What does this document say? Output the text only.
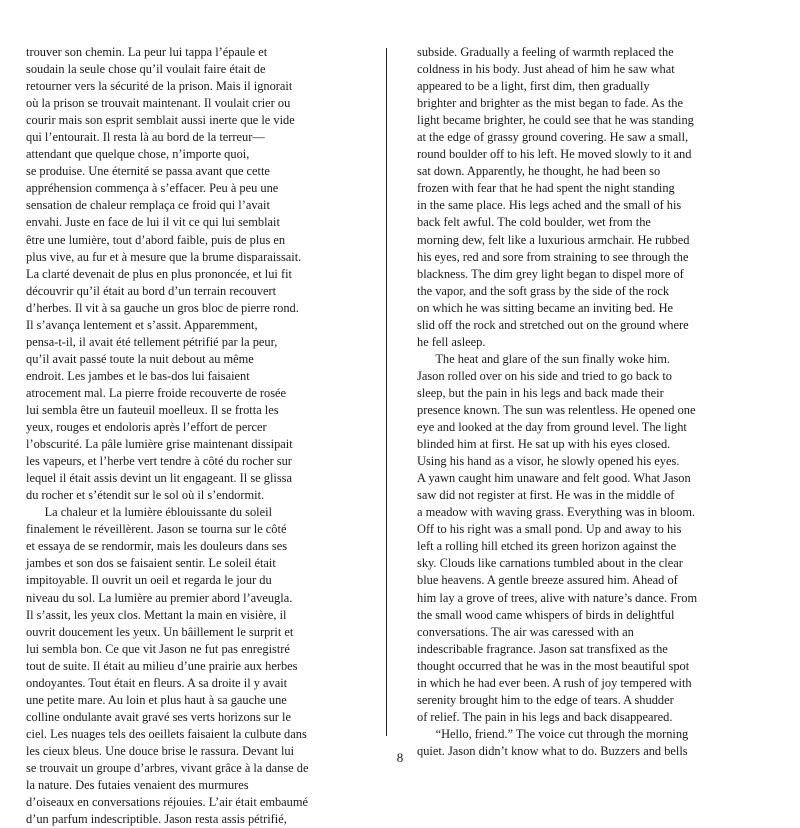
trouver son chemin. La peur lui tappa l’épaule et
soudain la seule chose qu’il voulait faire était de
retourner vers la sécurité de la prison. Mais il ignorait
où la prison se trouvait maintenant. Il voulait crier ou
courir mais son esprit semblait aussi inerte que le vide
qui l’entourait. Il resta là au bord de la terreur—
attendant que quelque chose, n’importe quoi,
se produise. Une éternité se passa avant que cette
appréhension commença à s’effacer. Peu à peu une
sensation de chaleur remplaça ce froid qui l’avait
envahi. Juste en face de lui il vit ce qui lui semblait
être une lumière, tout d’abord faible, puis de plus en
plus vive, au fur et à mesure que la brume disparaissait.
La clarté devenait de plus en plus prononcée, et lui fit
découvrir qu’il était au bord d’un terrain recouvert
d’herbes. Il vit à sa gauche un gros bloc de pierre rond.
Il s’avança lentement et s’assit. Apparemment,
pensa-t-il, il avait été tellement pétrifié par la peur,
qu’il avait passé toute la nuit debout au même
endroit. Les jambes et le bas-dos lui faisaient
atrocement mal. La pierre froide recouverte de rosée
lui sembla être un fauteuil moelleux. Il se frotta les
yeux, rouges et endoloris après l’effort de percer
l’obscurité. La pâle lumière grise maintenant dissipait
les vapeurs, et l’herbe vert tendre à côté du rocher sur
lequel il était assis devint un lit engageant. Il se glissa
du rocher et s’étendit sur le sol où il s’endormit.
La chaleur et la lumière éblouissante du soleil
finalement le réveillèrent. Jason se tourna sur le côté
et essaya de se rendormir, mais les douleurs dans ses
jambes et son dos se faisaient sentir. Le soleil était
impitoyable. Il ouvrit un oeil et regarda le jour du
niveau du sol. La lumière au premier abord l’aveugla.
Il s’assit, les yeux clos. Mettant la main en visière, il
ouvrit doucement les yeux. Un bâillement le surprit et
lui sembla bon. Ce que vit Jason ne fut pas enregistré
tout de suite. Il était au milieu d’une prairie aux herbes
ondoyantes. Tout était en fleurs. A sa droite il y avait
une petite mare. Au loin et plus haut à sa gauche une
colline ondulante avait gravé ses verts horizons sur le
ciel. Les nuages tels des oeillets faisaient la culbute dans
les cieux bleus. Une douce brise le rassura. Devant lui
se trouvait un groupe d’arbres, vivant grâce à la danse de
la nature. Des futaies venaient des murmures
d’oiseaux en conversations réjouies. L’air était embaumé
d’un parfum indescriptible. Jason resta assis pétrifié,
subside. Gradually a feeling of warmth replaced the
coldness in his body. Just ahead of him he saw what
appeared to be a light, first dim, then gradually
brighter and brighter as the mist began to fade. As the
light became brighter, he could see that he was standing
at the edge of grassy ground covering. He saw a small,
round boulder off to his left. He moved slowly to it and
sat down. Apparently, he thought, he had been so
frozen with fear that he had spent the night standing
in the same place. His legs ached and the small of his
back felt awful. The cold boulder, wet from the
morning dew, felt like a luxurious armchair. He rubbed
his eyes, red and sore from straining to see through the
blackness. The dim grey light began to dispel more of
the vapor, and the soft grass by the side of the rock
on which he was sitting became an inviting bed. He
slid off the rock and stretched out on the ground where
he fell asleep.
The heat and glare of the sun finally woke him.
Jason rolled over on his side and tried to go back to
sleep, but the pain in his legs and back made their
presence known. The sun was relentless. He opened one
eye and looked at the day from ground level. The light
blinded him at first. He sat up with his eyes closed.
Using his hand as a visor, he slowly opened his eyes.
A yawn caught him unaware and felt good. What Jason
saw did not register at first. He was in the middle of
a meadow with waving grass. Everything was in bloom.
Off to his right was a small pond. Up and away to his
left a rolling hill etched its green horizon against the
sky. Clouds like carnations tumbled about in the clear
blue heavens. A gentle breeze assured him. Ahead of
him lay a grove of trees, alive with nature’s dance. From
the small wood came whispers of birds in delightful
conversations. The air was caressed with an
indescribable fragrance. Jason sat transfixed as the
thought occurred that he was in the most beautiful spot
in which he had ever been. A rush of joy tempered with
serenity brought him to the edge of tears. A shudder
of relief. The pain in his legs and back disappeared.
“Hello, friend.” The voice cut through the morning
quiet. Jason didn’t know what to do. Buzzers and bells
8
